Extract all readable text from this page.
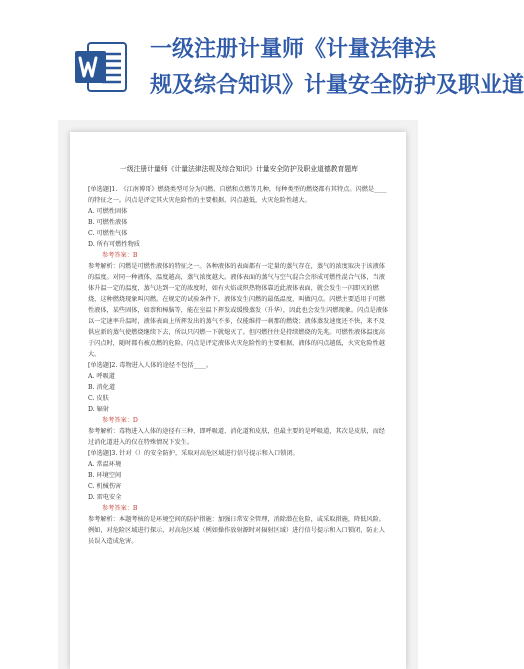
一级注册计量师《计量法律法
规及综合知识》计量安全防护及职业道
一级注册计量师《计量法律法规及综合知识》计量安全防护及职业道德教育题库

[单选题]1.　《江南博哥》燃烧类型可分为闪燃、自燃和点燃等几种，每种类型的燃烧都有其特点。闪燃是____的特征之一。闪点是评定其火灾危险性的主要根据，闪点越低，火灾危险性越大。

A. 可燃性固体

B. 可燃性液体

C. 可燃性气体

D. 所有可燃性物质

参考答案：B

参考解析：闪燃是可燃性液体的特征之一。各种液体的表面都有一定量的蒸气存在，蒸气的浓度取决于该液体的温度。对同一种液体，温度越高，蒸气浓度越大。液体表面的蒸气与空气混合会形成可燃性混合气体，当液体升温一定的温度，蒸气达到一定的浓度时，如有火焰或炽热物体靠近此液体表面，就会发生一闪即灭的燃烧，这种燃烧现象叫闪燃。在规定的试验条件下，液体发生闪燃的最低温度，叫做闪点。闪燃主要适用于可燃性液体，某些固体，如萘和樟脑等，能在室温下挥发或缓慢蒸发（升华），因此也会发生闪燃现象。闪点是液体以一定速率升温时，液体表面上所挥发出的蒸气不多，仅能维持一刹那的燃烧；液体蒸发速度还不快，来不及供应新的蒸气使燃烧继续下去，所以只闪燃一下就熄灭了。但闪燃往往是持续燃烧的先兆。可燃性液体温度高于闪点时，随时都有被点燃的危险。闪点是评定液体火灾危险性的主要根据，液体的闪点越低，火灾危险性越大。

[单选题]2. 毒物进入人体的途径不包括____。

A. 呼吸道

B. 消化道

C. 皮肤

D. 辐射

参考答案：D

参考解析：毒物进入人体的途径有三种，即呼吸道、消化道和皮肤，但最主要的是呼吸道，其次是皮肤，而经过消化道进入的仅在特殊情况下发生。

[单选题]3. 针对（）的安全防护，采取对高危区域进行信号提示和入口锁闭。

A. 常温环境

B. 环境空间

C. 机械伤害

D. 雷电安全

参考答案：B

参考解析：本题考核的是环境空间的防护措施：加强日常安全管理，消除潜在危险，或采取措施，降低风险。例如，对危险区域进行探示，对高危区域（例如操作放射源时对辐射区域）进行信号提示和入口锁闭，防止人员误入造成危害。
